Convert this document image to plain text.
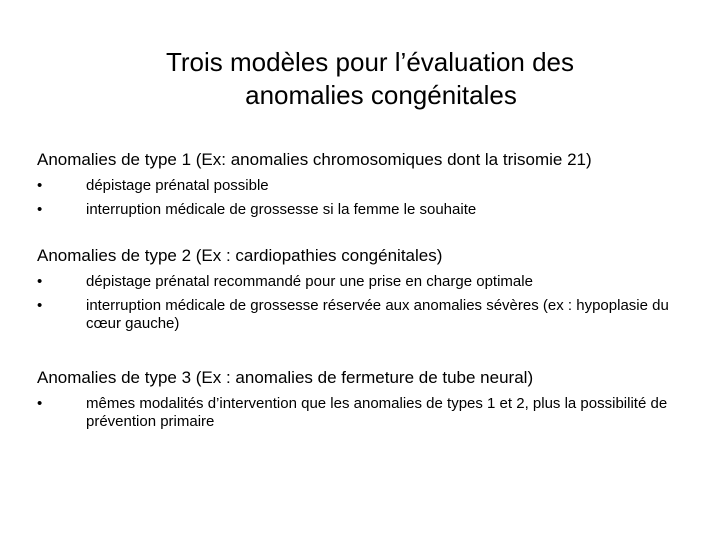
Trois modèles pour l’évaluation des
anomalies congénitales

Anomalies de type 1 (Ex: anomalies chromosomiques dont la trisomie 21)

•	dépistage prénatal possible
•	interruption médicale de grossesse si la femme le souhaite

Anomalies de type 2 (Ex : cardiopathies congénitales)

•	dépistage prénatal recommandé pour une prise en charge optimale
•	interruption médicale de grossesse réservée aux anomalies sévères (ex : hypoplasie du cœur gauche)

Anomalies de type 3 (Ex : anomalies de fermeture de tube neural)

•	mêmes modalités d’intervention que les anomalies de types 1 et 2, plus la possibilité de prévention primaire
